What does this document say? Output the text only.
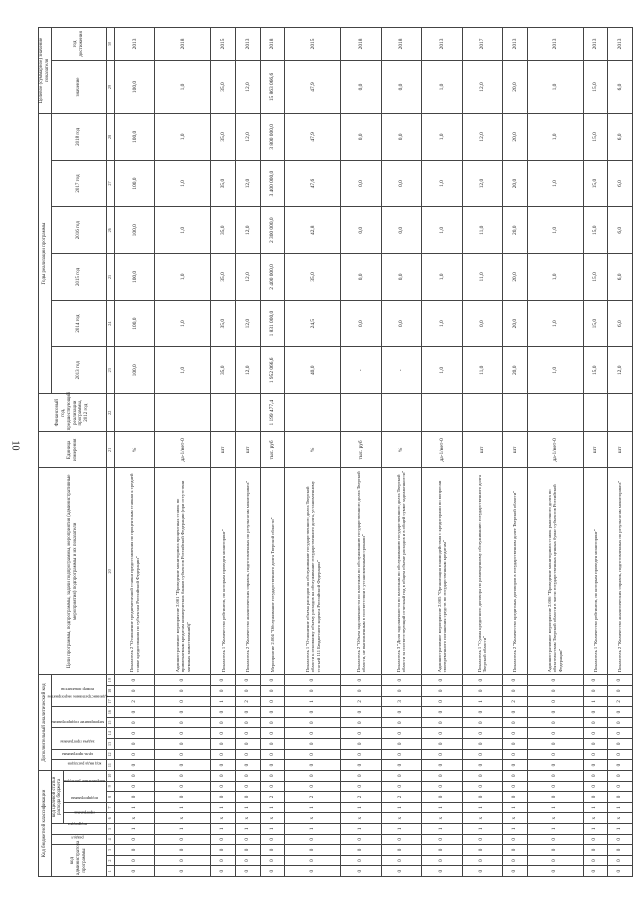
10
Код бюджетной классификации										Дополнительный аналитический код									Цели программы, подпрограммы, задачи подпрограммы, мероприятия (административные мероприятия) подпрограммы и их показатели	Единица измерения	Финансовый год, предшествующий реализации программы, 2012 год	Годы реализации программы						Целевое (суммарное) значение показателя	
код администратора программы			раздел	подраздел	код целевой статьи расхода бюджета					цель программы	задача программы	мероприятие подпрограммы		административное мероприятие		номер показателя						2013 год	2014 год	2015 год	2016 год	2017 год	2018 год	значение	год достижения
					программа	подпрограмма	направление расходов		код вида расходов																				
1	2	3	4	5	6	7	8	9	10	11	12	13	14	15	16	17	18	19	20	21	22	23	24	25	26	27	28	29	30
0	0	0	0	1	х	1	0	0	0	0	0	0	0	0	0	2	0	0	Показатель 2 "Отношение среднемесячной ставки предоставления по процентным ставкам к средней ставке кредитования по субъектам Российской Федерации"	%		100,0	100,0	100,0	100,0	100,0	100,0	100,0	2013
0	0	0	0	1	х	1	0	0	0	0	0	0	0	0	0	0	0	0	Административное мероприятие 2.001 "Проведение мониторинга процентных ставок по привлекаемым кредитам коммерческих банков субъектов Российской Федерации (при отсутствии заемных заимствований)"	да-1/нет-0		1,0	1,0	1,0	1,0	1,0	1,0	1,0	2018
0	0	0	0	1	х	1	0	0	0	0	0	0	0	0	0	1	0	0	Показатель 1 "Количество рейтингов, по которым проведен мониторинг"	шт		35,0	35,0	35,0	35,0	35,0	35,0	35,0	2015
0	0	0	0	1	х	1	0	0	0	0	0	0	0	0	0	2	0	0	Показатель 2 "Количество аналитических справок, подготовленных по результатам мониторинга"	шт		12,0	12,0	12,0	12,0	12,0	12,0	12,0	2013
0	0	0	0	1	х	1	2	0	0	0	0	0	0	0	0	0	0	0	Мероприятие 2.004 "Обслуживание государственного долга Тверской области"	тыс. руб	1 199 477,4	1 952 066,6	1 831 000,0	2 400 000,0	2 300 000,0	3 400 000,0	3 800 000,0	15 863 066,6	2018
0	0	0	0	1	х	1	2	0	0	0	0	0	0	0	0	1	0	0	Показатель 1 "Отношение объема расходов на обслуживание государственного долга Тверской области к основному объему расходов на обслуживание государственного долга, установленному статьей 111 Бюджетного кодекса Российской Федерации"	%		40,0	24,5	35,0	42,8	47,6	47,9	47,9	2015
0	0	0	0	1	х	1	2	0	0	0	0	0	0	0	0	2	0	0	Показатель 2 "Объем задолженности по платежам по обслуживанию государственного долга Тверской области, не выполненным в соответствии с установленными сроками"	тыс. руб		-	0,0	0,0	0,0	0,0	0,0	0,0	2018
0	0	0	0	1	х	1	2	0	0	0	0	0	0	0	0	3	0	0	Показатель 3 "Доля задолженности по платежам по обслуживанию государственного долга Тверской области за соответствующий отчетный год в общем объеме расходов и в общей сумме задолженности"	%		-	0,0	0,0	0,0	0,0	0,0	0,0	2018
0	0	0	0	1	х	1	0	0	0	0	0	0	0	0	0	0	0	0	Административное мероприятие 2.005 "Организация взаимодействия с кредиторами по вопросам своевременного погашения средств по государственным кредитам"	да-1/нет-0		1,0	1,0	1,0	1,0	1,0	1,0	1,0	2013
0	0	0	0	1	х	1	0	0	0	0	0	0	0	0	0	1	0	0	Показатель 1 "Сумма кредитного договора по размещенному обслуживанию государственного долга Тверской области"	шт		11,0	0,0	11,0	11,0	12,0	12,0	12,0	2017
0	0	0	0	1	х	1	0	0	0	0	0	0	0	0	0	2	0	0	Показатель 2 "Количество кредитных договоров в государственном долге Тверской области"	шт		20,0	20,0	20,0	20,0	20,0	20,0	20,0	2013
0	0	0	0	1	х	1	0	0	0	0	0	0	0	0	0	0	0	0	Административное мероприятие 2.006 "Проведение мониторинга ставок рыночного долга по обязательствам Тверской области в части государственных ценных бумаг субъектов Российской Федерации"	да-1/нет-0		1,0	1,0	1,0	1,0	1,0	1,0	1,0	2013
0	0	0	0	1	х	1	0	0	0	0	0	0	0	0	0	1	0	0	Показатель 1 "Количество рейтингов, по которым проведен мониторинг"	шт		15,0	15,0	15,0	15,0	15,0	15,0	15,0	2013
0	0	0	0	1	х	1	0	0	0	0	0	0	0	0	0	2	0	0	Показатель 2 "Количество аналитических справок, подготовленных по результатам мониторинга"	шт		12,0	6,0	6,0	6,0	6,0	6,0	6,0	2013
